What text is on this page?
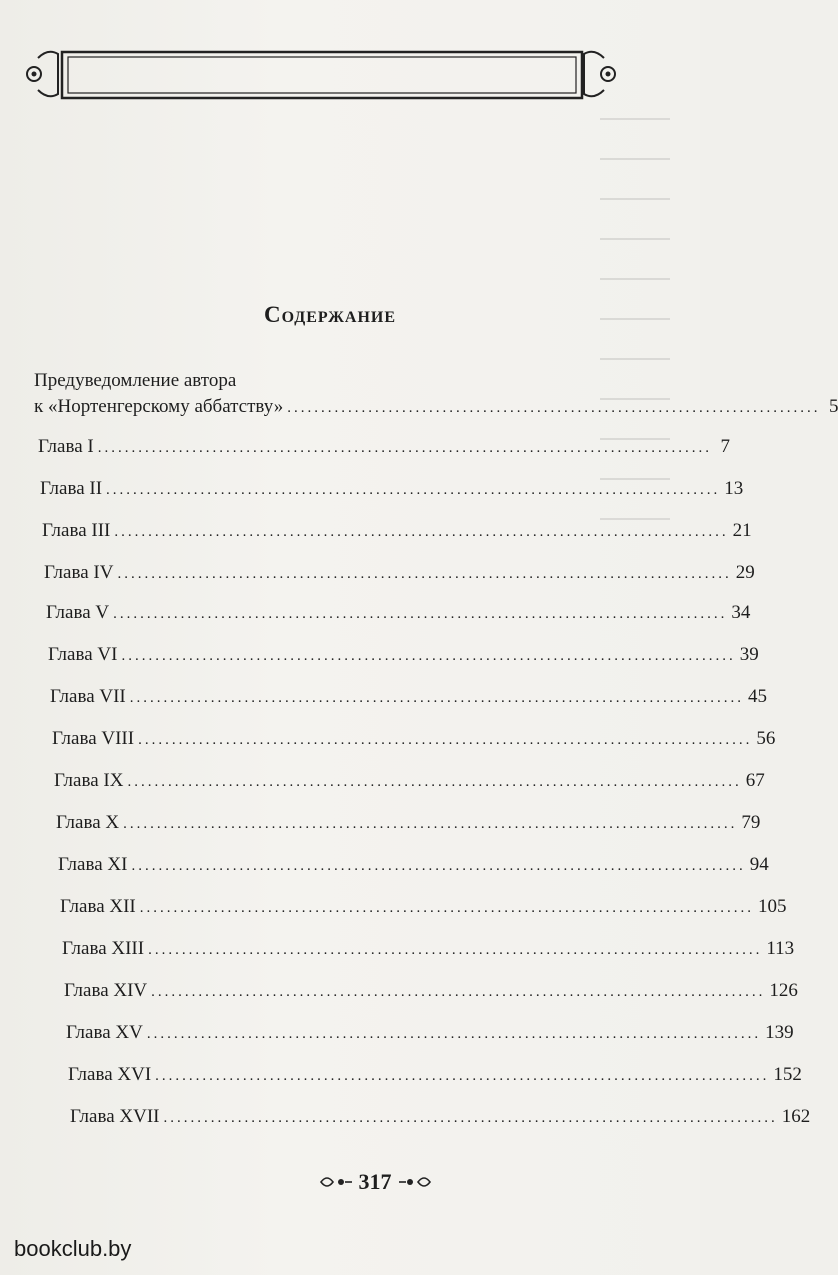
Содержание
Предуведомление автора
к «Нортенгерскому аббатству» ............................................................................... 5
Глава I ........................................................................................... 7
Глава II ........................................................................................... 13
Глава III ........................................................................................... 21
Глава IV ........................................................................................... 29
Глава V ........................................................................................... 34
Глава VI ........................................................................................... 39
Глава VII ........................................................................................... 45
Глава VIII ........................................................................................... 56
Глава IX ........................................................................................... 67
Глава X ........................................................................................... 79
Глава XI ........................................................................................... 94
Глава XII ........................................................................................... 105
Глава XIII ........................................................................................... 113
Глава XIV ........................................................................................... 126
Глава XV ........................................................................................... 139
Глава XVI ........................................................................................... 152
Глава XVII ........................................................................................... 162
317
bookclub.by
